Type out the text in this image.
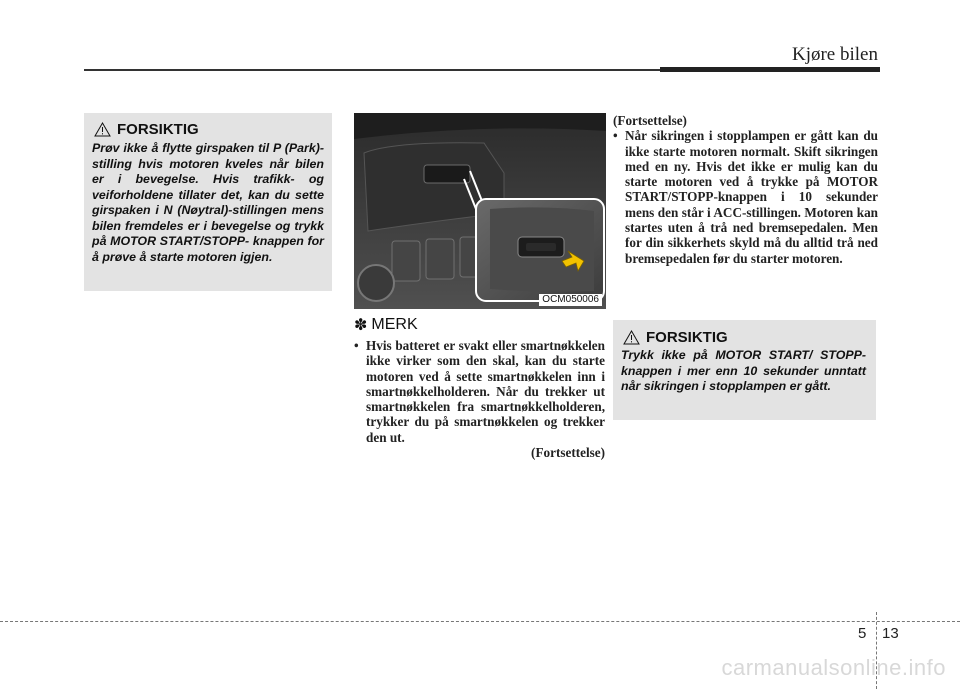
Kjøre bilen
FORSIKTIG
Prøv ikke å flytte girspaken til P (Park)-stilling hvis motoren kveles når bilen er i bevegelse. Hvis trafikk- og veiforholdene tillater det, kan du sette girspaken i N (Nøytral)-stillingen mens bilen fremdeles er i bevegelse og trykk på MOTOR START/STOPP- knappen for å prøve å starte motoren igjen.
OCM050006
✽ MERK
• Hvis batteret er svakt eller smartnøkkelen ikke virker som den skal, kan du starte motoren ved å sette smartnøkkelen inn i smartnøkkelholderen. Når du trekker ut smartnøkkelen fra smartnøkkelholderen, trykker du på smartnøkkelen og trekker den ut.
(Fortsettelse)
(Fortsettelse)
• Når sikringen i stopplampen er gått kan du ikke starte motoren normalt. Skift sikringen med en ny. Hvis det ikke er mulig kan du starte motoren ved å trykke på MOTOR START/STOPP-knappen i 10 sekunder mens den står i ACC-stillingen. Motoren kan startes uten å trå ned bremsepedalen. Men for din sikkerhets skyld må du alltid trå ned bremsepedalen før du starter motoren.
FORSIKTIG
Trykk ikke på MOTOR START/ STOPP-knappen i mer enn 10 sekunder unntatt når sikringen i stopplampen er gått.
5 13
carmanualsonline.info
